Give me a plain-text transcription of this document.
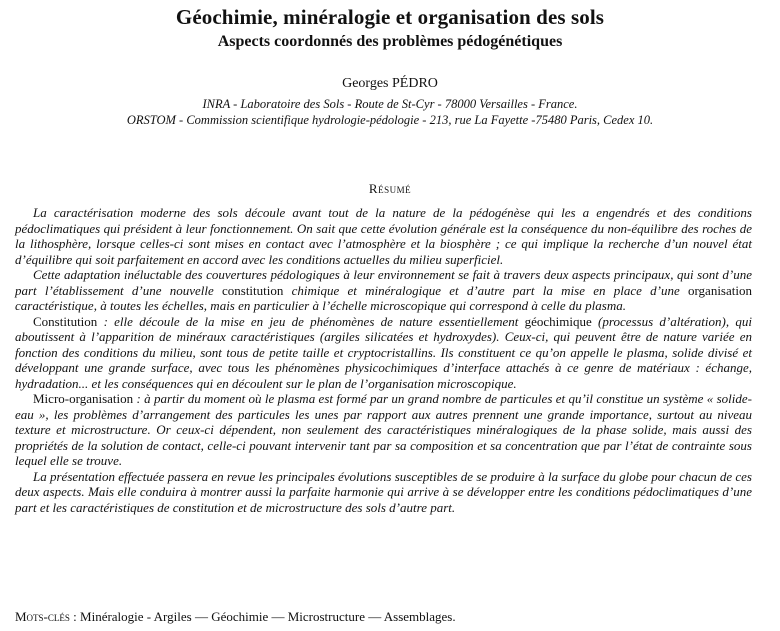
Géochimie, minéralogie et organisation des sols
Aspects coordonnés des problèmes pédogénétiques
Georges PÉDRO
INRA - Laboratoire des Sols - Route de St-Cyr - 78000 Versailles - France.
ORSTOM - Commission scientifique hydrologie-pédologie - 213, rue La Fayette -75480 Paris, Cedex 10.
Résumé

La caractérisation moderne des sols découle avant tout de la nature de la pédogénèse qui les a engendrés et des conditions pédoclimatiques qui président à leur fonctionnement. On sait que cette évolution générale est la conséquence du non-équilibre des roches de la lithosphère, lorsque celles-ci sont mises en contact avec l’atmosphère et la biosphère ; ce qui implique la recherche d’un nouvel état d’équilibre qui soit parfaitement en accord avec les conditions actuelles du milieu superficiel.

Cette adaptation inéluctable des couvertures pédologiques à leur environnement se fait à travers deux aspects principaux, qui sont d’une part l’établissement d’une nouvelle constitution chimique et minéralogique et d’autre part la mise en place d’une organisation caractéristique, à toutes les échelles, mais en particulier à l’échelle microscopique qui correspond à celle du plasma.

Constitution : elle découle de la mise en jeu de phénomènes de nature essentiellement géochimique (processus d’altération), qui aboutissent à l’apparition de minéraux caractéristiques (argiles silicatées et hydroxydes). Ceux-ci, qui peuvent être de nature variée en fonction des conditions du milieu, sont tous de petite taille et cryptocristallins. Ils constituent ce qu’on appelle le plasma, solide divisé et développant une grande surface, avec tous les phénomènes physicochimiques d’interface attachés à ce genre de matériaux : échange, hydradation... et les conséquences qui en découlent sur le plan de l’organisation microscopique.

Micro-organisation : à partir du moment où le plasma est formé par un grand nombre de particules et qu’il constitue un système « solide-eau », les problèmes d’arrangement des particules les unes par rapport aux autres prennent une grande importance, surtout au niveau texture et microstructure. Or ceux-ci dépendent, non seulement des caractéristiques minéralogiques de la phase solide, mais aussi des propriétés de la solution de contact, celle-ci pouvant intervenir tant par sa composition et sa concentration que par l’état de contrainte sous lequel elle se trouve.

La présentation effectuée passera en revue les principales évolutions susceptibles de se produire à la surface du globe pour chacun de ces deux aspects. Mais elle conduira à montrer aussi la parfaite harmonie qui arrive à se développer entre les conditions pédoclimatiques d’une part et les caractéristiques de constitution et de microstructure des sols d’autre part.

Mots-clés : Minéralogie - Argiles — Géochimie — Microstructure — Assemblages.
